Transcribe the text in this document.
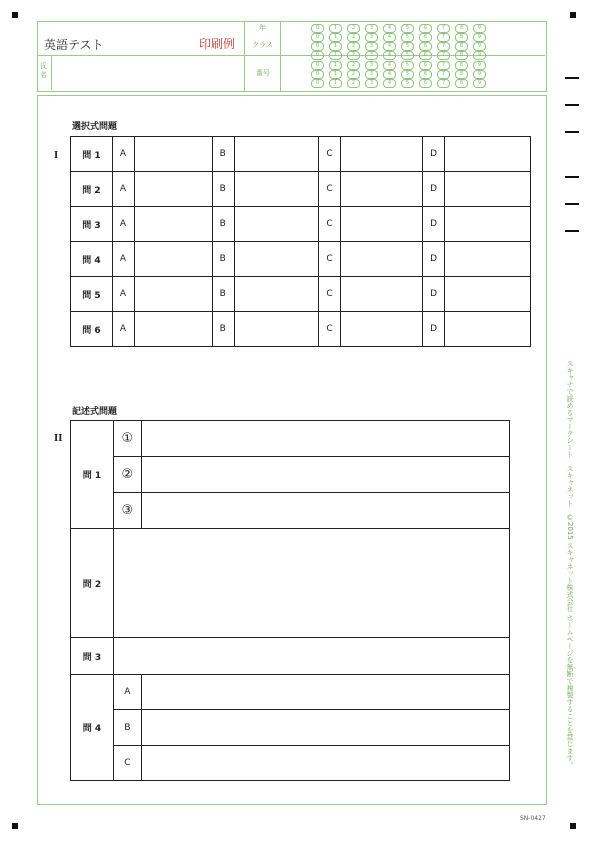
英語テスト	印刷例
氏名
年
クラス
番号
0	1	2	3	4	5	6	7	8	9
0	1	2	3	4	5	6	7	8	9
0	1	2	3	4	5	6	7	8	9
0	1	2	3	4	5	6	7	8	9
0	1	2	3	4	5	6	7	8	9
0	1	2	3	4	5	6	7	8	9
0	1	2	3	4	5	6	7	8	9
選択式問題
I	問 1	A		B		C		D	
問 2	A		B		C		D	
問 3	A		B		C		D	
問 4	A		B		C		D	
問 5	A		B		C		D	
問 6	A		B		C		D	
記述式問題
II
問 1	①	
	②	
	③	
問 2		
問 3		
問 4	A	
	B	
	C		スキャナで読めるマークシート　スキャネット　©2015 スキャネット株式会社 ホームページを無断で複製することを禁じます。
SN-0427
